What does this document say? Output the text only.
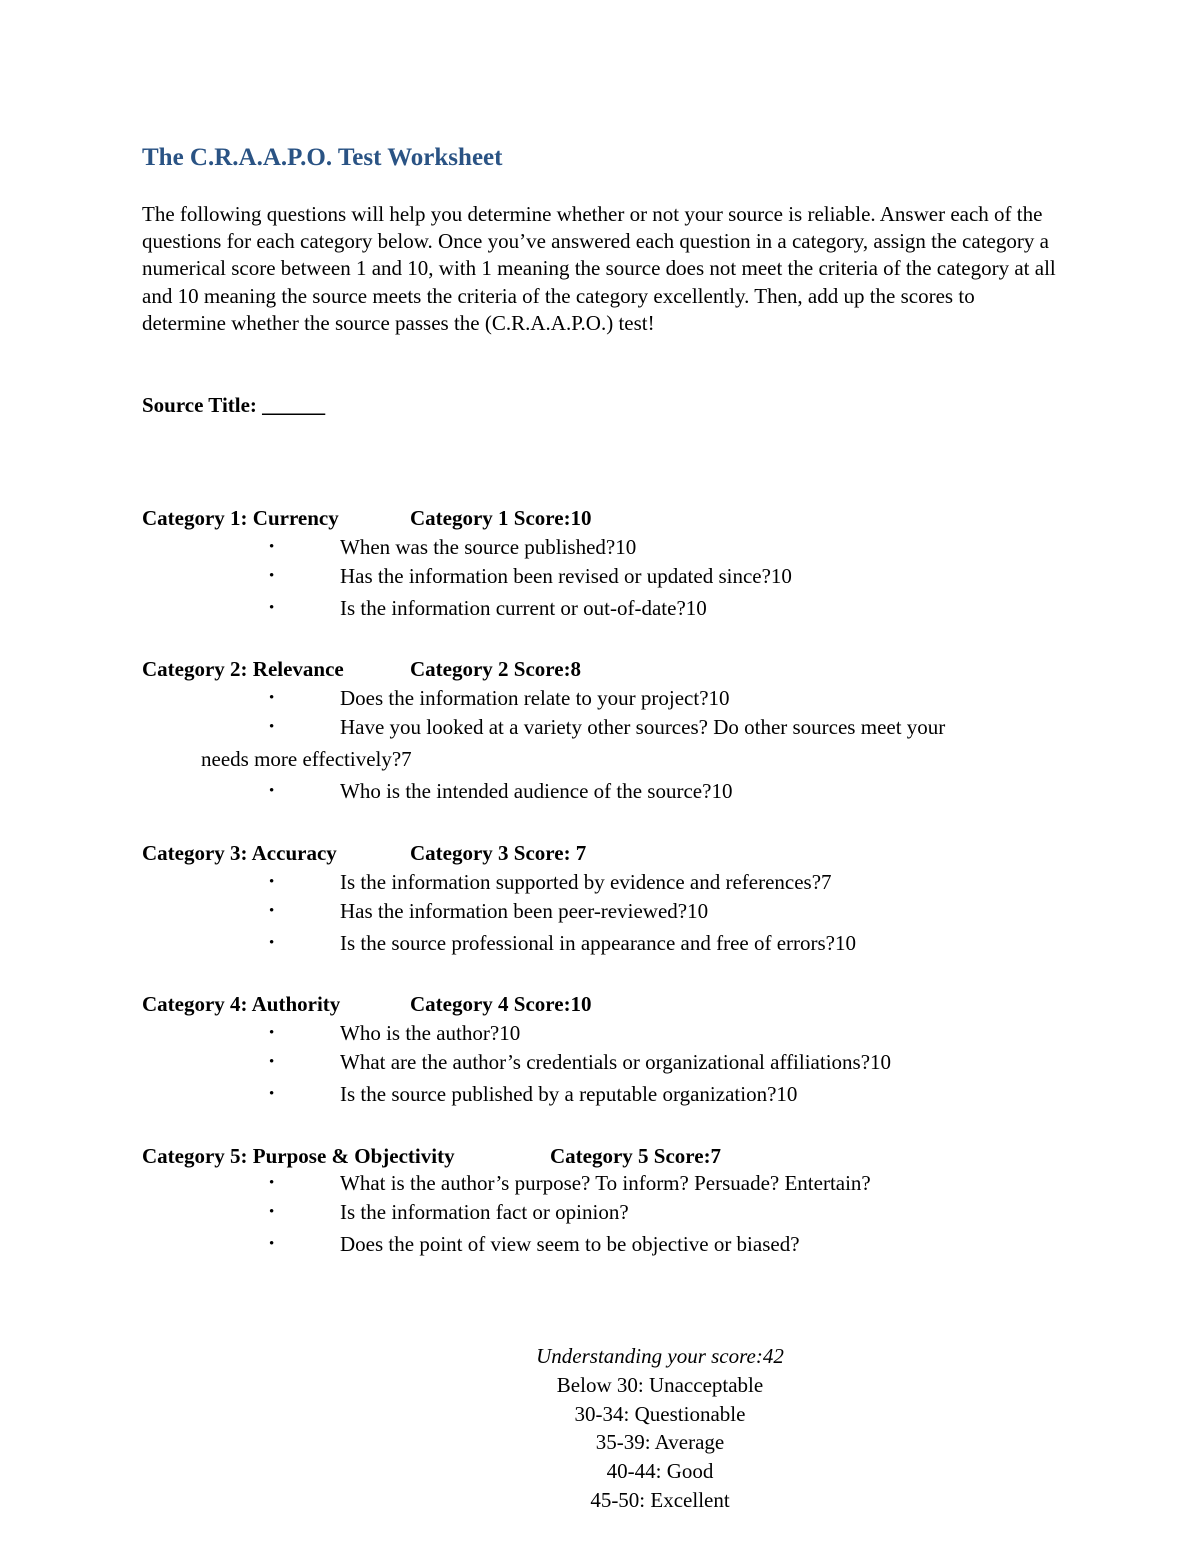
The C.R.A.A.P.O. Test Worksheet

The following questions will help you determine whether or not your source is reliable. Answer each of the questions for each category below. Once you’ve answered each question in a category, assign the category a numerical score between 1 and 10, with 1 meaning the source does not meet the criteria of the category at all and 10 meaning the source meets the criteria of the category excellently. Then, add up the scores to determine whether the source passes the (C.R.A.A.P.O.) test!

Source Title: ______

Category 1: Currency	Category 1 Score:10
•	When was the source published?10
•	Has the information been revised or updated since?10
•	Is the information current or out-of-date?10
Category 2: Relevance	Category 2 Score:8
•	Does the information relate to your project?10
•	Have you looked at a variety other sources? Do other sources meet your
needs more effectively?7
•	Who is the intended audience of the source?10
Category 3: Accuracy	Category 3 Score: 7
•	Is the information supported by evidence and references?7
•	Has the information been peer-reviewed?10
•	Is the source professional in appearance and free of errors?10
Category 4: Authority	Category 4 Score:10
•	Who is the author?10
•	What are the author’s credentials or organizational affiliations?10
•	Is the source published by a reputable organization?10
Category 5: Purpose & Objectivity	Category 5 Score:7
•	What is the author’s purpose? To inform? Persuade? Entertain?
•	Is the information fact or opinion?
•	Does the point of view seem to be objective or biased?
Understanding your score:42
Below 30: Unacceptable
30-34: Questionable
35-39: Average
40-44: Good
45-50: Excellent
